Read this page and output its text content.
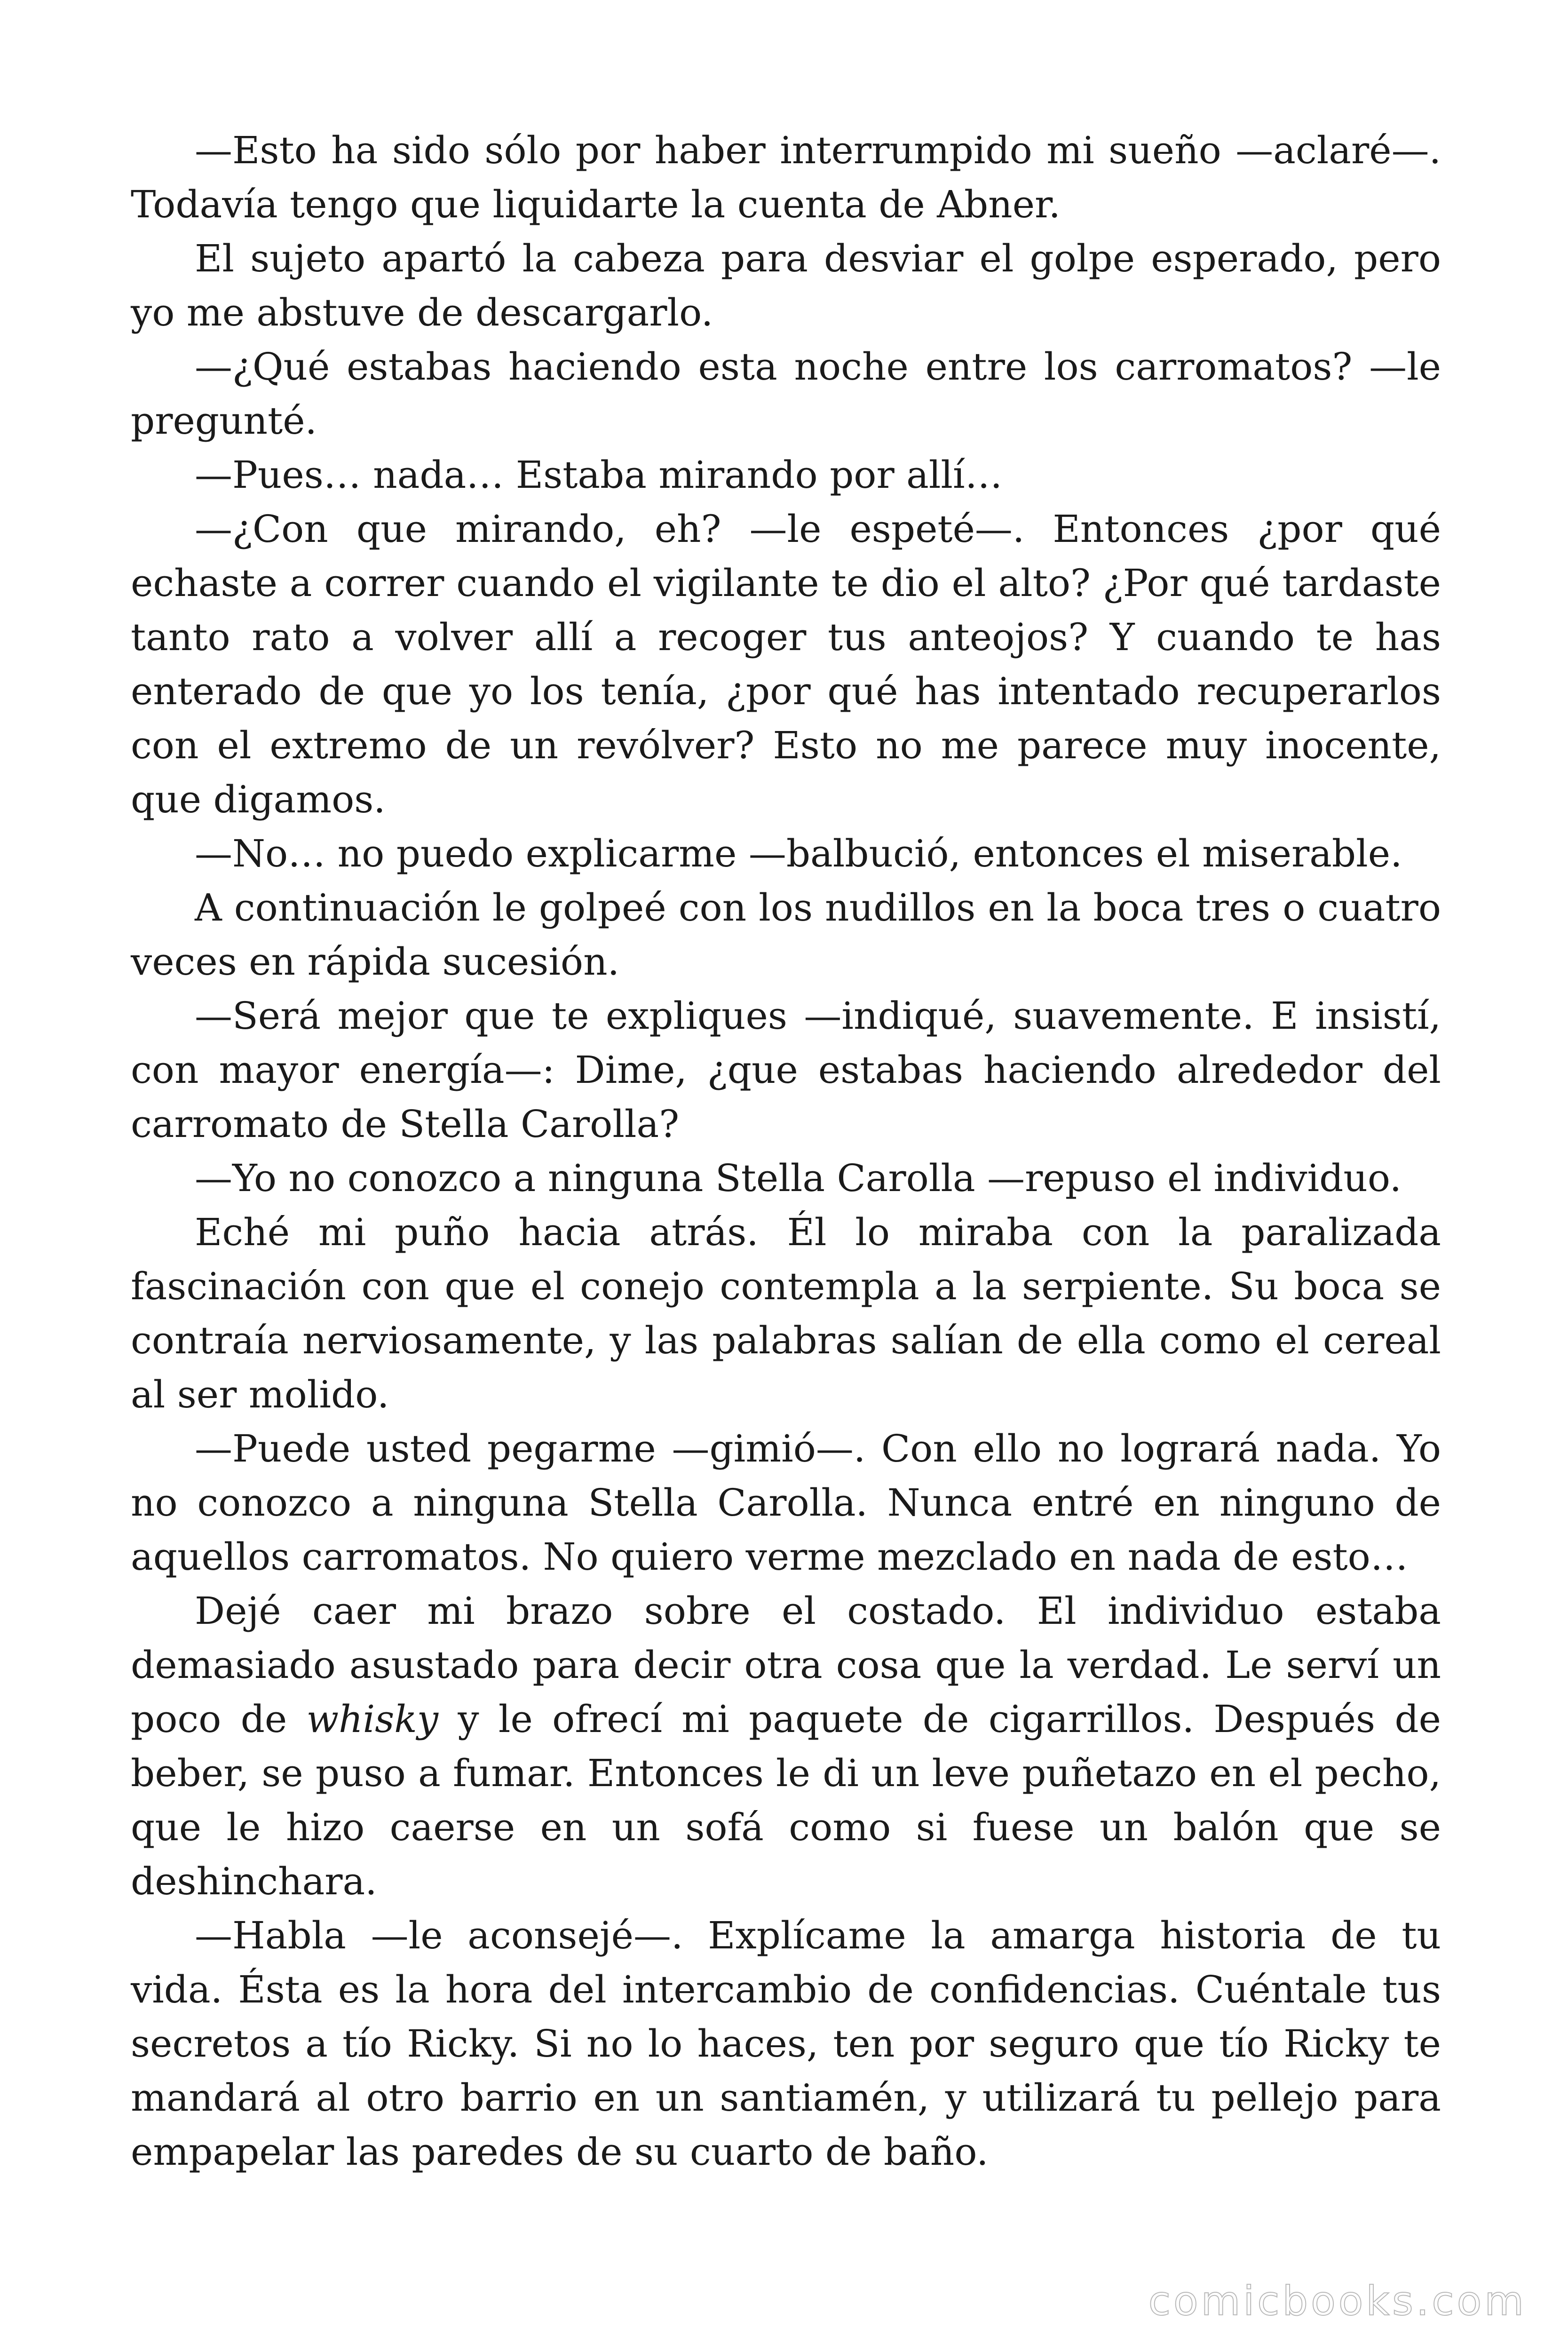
—Esto ha sido sólo por haber interrumpido mi sueño —aclaré—. Todavía tengo que liquidarte la cuenta de Abner.

El sujeto apartó la cabeza para desviar el golpe esperado, pero yo me abstuve de descargarlo.

—¿Qué estabas haciendo esta noche entre los carromatos? —le pregunté.

—Pues… nada… Estaba mirando por allí…

—¿Con que mirando, eh? —le espeté—. Entonces ¿por qué echaste a correr cuando el vigilante te dio el alto? ¿Por qué tardaste tanto rato a volver allí a recoger tus anteojos? Y cuando te has enterado de que yo los tenía, ¿por qué has intentado recuperarlos con el extremo de un revólver? Esto no me parece muy inocente, que digamos.

—No… no puedo explicarme —balbució, entonces el miserable.

A continuación le golpeé con los nudillos en la boca tres o cuatro veces en rápida sucesión.

—Será mejor que te expliques —indiqué, suavemente. E insistí, con mayor energía—: Dime, ¿que estabas haciendo alrededor del carromato de Stella Carolla?

—Yo no conozco a ninguna Stella Carolla —repuso el individuo.

Eché mi puño hacia atrás. Él lo miraba con la paralizada fascinación con que el conejo contempla a la serpiente. Su boca se contraía nerviosamente, y las palabras salían de ella como el cereal al ser molido.

—Puede usted pegarme —gimió—. Con ello no logrará nada. Yo no conozco a ninguna Stella Carolla. Nunca entré en ninguno de aquellos carromatos. No quiero verme mezclado en nada de esto…

Dejé caer mi brazo sobre el costado. El individuo estaba demasiado asustado para decir otra cosa que la verdad. Le serví un poco de whisky y le ofrecí mi paquete de cigarrillos. Después de beber, se puso a fumar. Entonces le di un leve puñetazo en el pecho, que le hizo caerse en un sofá como si fuese un balón que se deshinchara.

—Habla —le aconsejé—. Explícame la amarga historia de tu vida. Ésta es la hora del intercambio de confidencias. Cuéntale tus secretos a tío Ricky. Si no lo haces, ten por seguro que tío Ricky te mandará al otro barrio en un santiamén, y utilizará tu pellejo para empapelar las paredes de su cuarto de baño.

comicbooks.com
